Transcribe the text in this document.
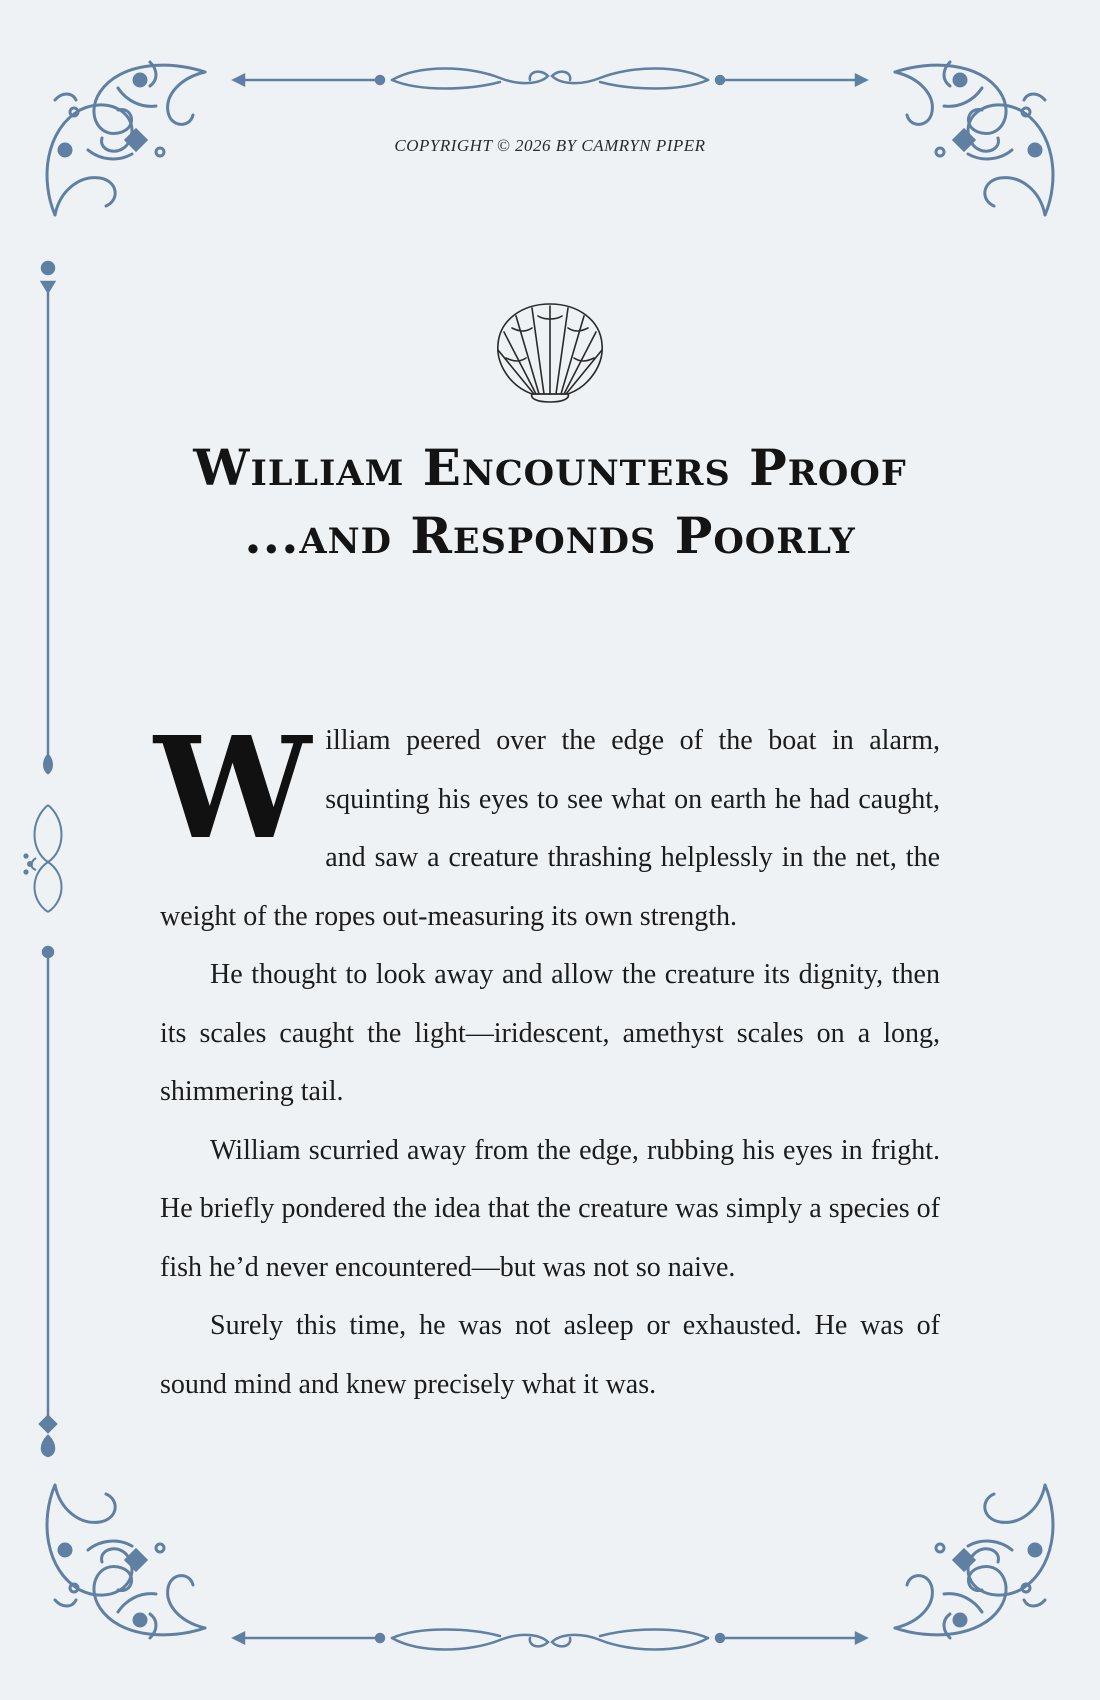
COPYRIGHT © 2026 BY CAMRYN PIPER
William Encounters Proof
...and Responds Poorly

William peered over the edge of the boat in alarm, squinting his eyes to see what on earth he had caught, and saw a creature thrashing helplessly in the net, the weight of the ropes out-measuring its own strength.

He thought to look away and allow the creature its dignity, then its scales caught the light—iridescent, amethyst scales on a long, shimmering tail.

William scurried away from the edge, rubbing his eyes in fright. He briefly pondered the idea that the creature was simply a species of fish he’d never encountered—but was not so naive.

Surely this time, he was not asleep or exhausted. He was of sound mind and knew precisely what it was.
